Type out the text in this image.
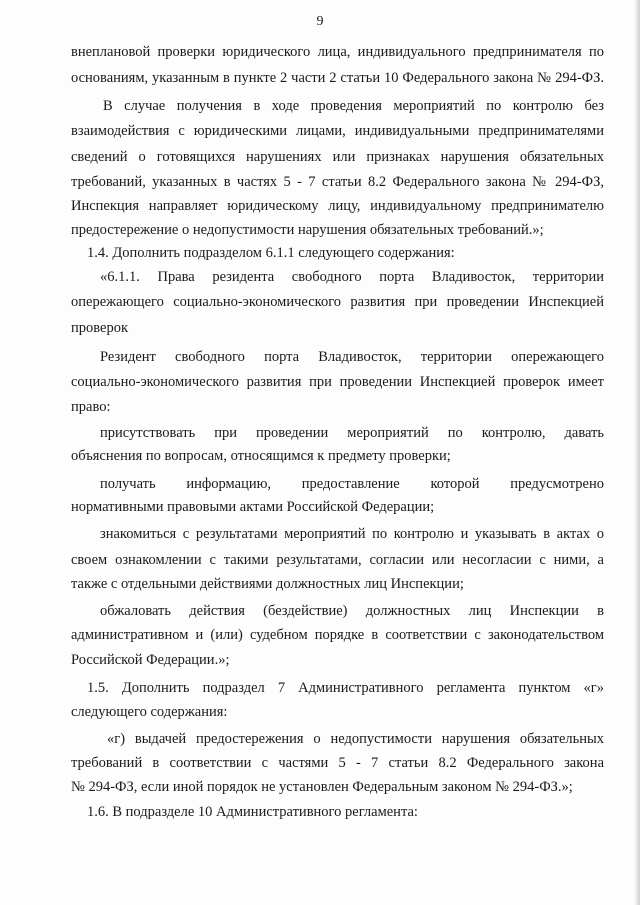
9
внеплановой проверки юридического лица, индивидуального предпринимателя по
основаниям, указанным в пункте 2 части 2 статьи 10 Федерального закона № 294-ФЗ.
В случае получения в ходе проведения мероприятий по контролю без
взаимодействия с юридическими лицами, индивидуальными предпринимателями
сведений о готовящихся нарушениях или признаках нарушения обязательных
требований, указанных в частях 5 - 7 статьи 8.2 Федерального закона № 294-ФЗ,
Инспекция направляет юридическому лицу, индивидуальному предпринимателю
предостережение о недопустимости нарушения обязательных требований.»;
1.4. Дополнить подразделом 6.1.1 следующего содержания:
«6.1.1. Права резидента свободного порта Владивосток, территории
опережающего социально-экономического развития при проведении Инспекцией
проверок
Резидент свободного порта Владивосток, территории опережающего
социально-экономического развития при проведении Инспекцией проверок имеет
право:
присутствовать при проведении мероприятий по контролю, давать
объяснения по вопросам, относящимся к предмету проверки;
получать информацию, предоставление которой предусмотрено
нормативными правовыми актами Российской Федерации;
знакомиться с результатами мероприятий по контролю и указывать в актах о
своем ознакомлении с такими результатами, согласии или несогласии с ними, а
также с отдельными действиями должностных лиц Инспекции;
обжаловать действия (бездействие) должностных лиц Инспекции в
административном и (или) судебном порядке в соответствии с законодательством
Российской Федерации.»;
1.5. Дополнить подраздел 7 Административного регламента пунктом «г»
следующего содержания:
«г) выдачей предостережения о недопустимости нарушения обязательных
требований в соответствии с частями 5 - 7 статьи 8.2 Федерального закона
№ 294-ФЗ, если иной порядок не установлен Федеральным законом № 294-ФЗ.»;
1.6. В подразделе 10 Административного регламента:
